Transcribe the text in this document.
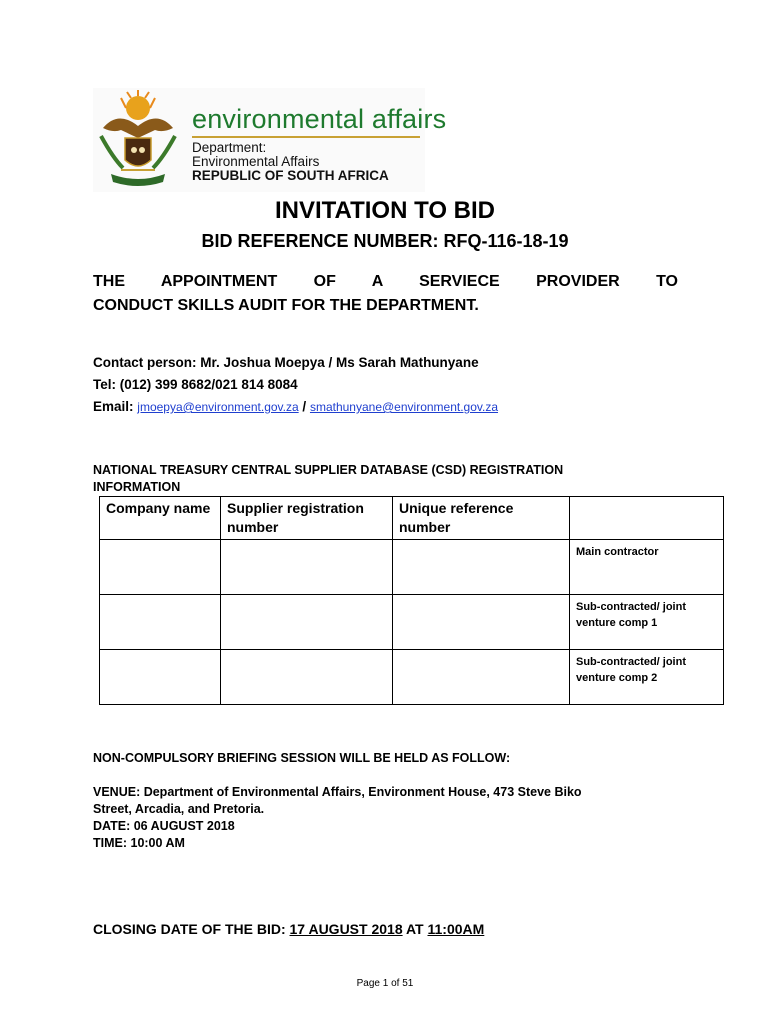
environmental affairs
Department:
Environmental Affairs
REPUBLIC OF SOUTH AFRICA
INVITATION TO BID
BID REFERENCE NUMBER: RFQ-116-18-19
THE APPOINTMENT OF A SERVIECE PROVIDER TO
CONDUCT SKILLS AUDIT FOR THE DEPARTMENT.
Contact person: Mr. Joshua Moepya / Ms Sarah Mathunyane
Tel: (012) 399 8682/021 814 8084
Email: jmoepya@environment.gov.za / smathunyane@environment.gov.za
NATIONAL TREASURY CENTRAL SUPPLIER DATABASE (CSD) REGISTRATION
INFORMATION
Company name	Supplier registration number	Unique reference number	

			Main contractor

			Sub-contracted/ joint venture comp 1

			Sub-contracted/ joint venture comp 2
NON-COMPULSORY BRIEFING SESSION WILL BE HELD AS FOLLOW:
VENUE: Department of Environmental Affairs, Environment House, 473 Steve Biko
Street, Arcadia, and Pretoria.
DATE: 06 AUGUST 2018
TIME: 10:00 AM
CLOSING DATE OF THE BID: 17 AUGUST 2018 AT 11:00AM
Page 1 of 51
